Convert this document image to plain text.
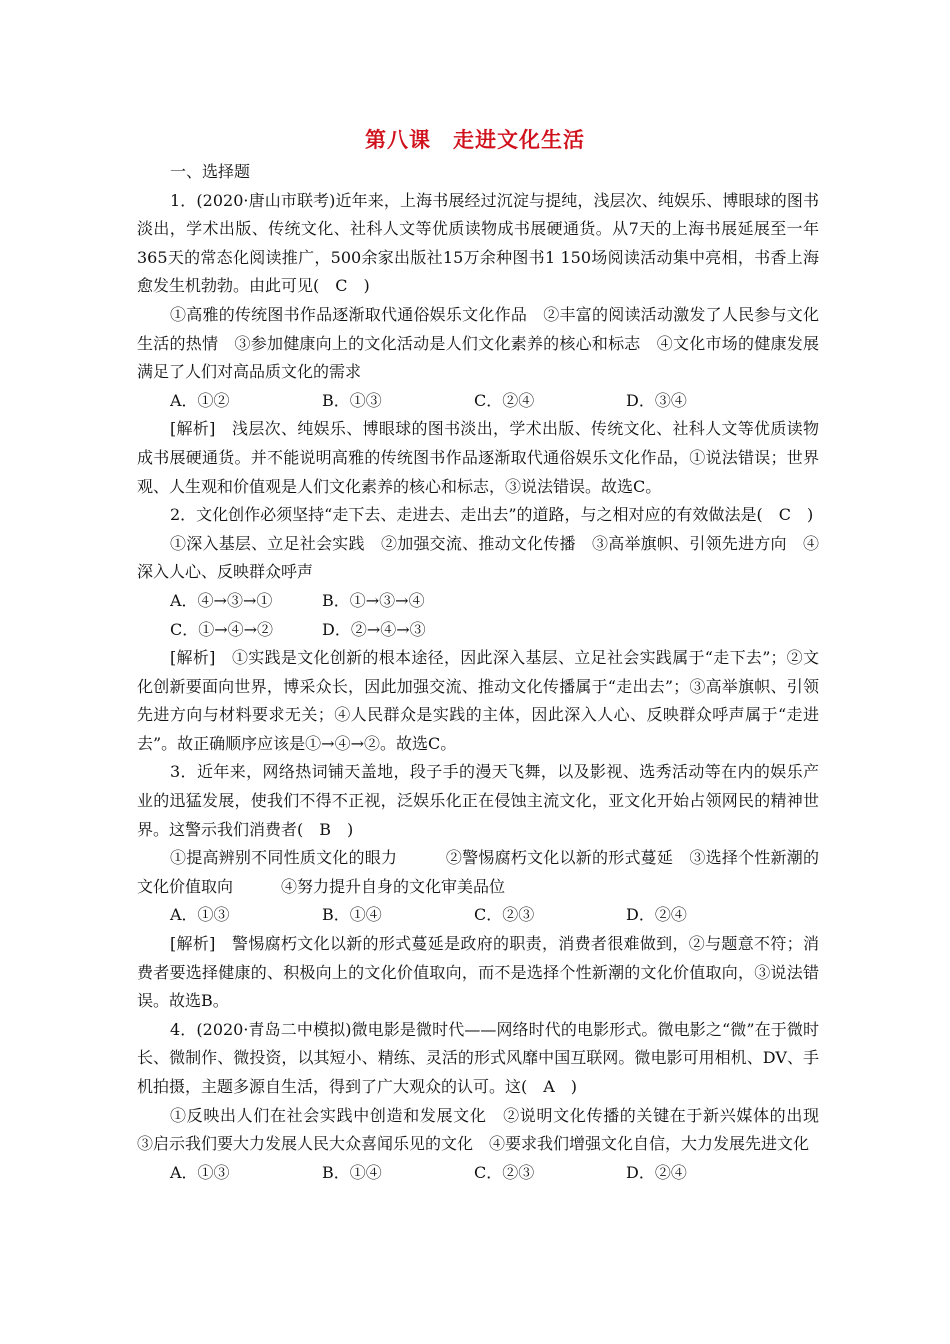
第八课　走进文化生活

一、选择题

1．(2020·唐山市联考)近年来，上海书展经过沉淀与提纯，浅层次、纯娱乐、博眼球的图书淡出，学术出版、传统文化、社科人文等优质读物成书展硬通货。从7天的上海书展延展至一年365天的常态化阅读推广，500余家出版社15万余种图书1 150场阅读活动集中亮相，书香上海愈发生机勃勃。由此可见(　C　)

①高雅的传统图书作品逐渐取代通俗娱乐文化作品　②丰富的阅读活动激发了人民参与文化生活的热情　③参加健康向上的文化活动是人们文化素养的核心和标志　④文化市场的健康发展满足了人们对高品质文化的需求

A．①②	B．①③	C．②④	D．③④

[解析]　浅层次、纯娱乐、博眼球的图书淡出，学术出版、传统文化、社科人文等优质读物成书展硬通货。并不能说明高雅的传统图书作品逐渐取代通俗娱乐文化作品，①说法错误；世界观、人生观和价值观是人们文化素养的核心和标志，③说法错误。故选C。

2．文化创作必须坚持“走下去、走进去、走出去”的道路，与之相对应的有效做法是(　C　)

①深入基层、立足社会实践　②加强交流、推动文化传播　③高举旗帜、引领先进方向　④深入人心、反映群众呼声

A．④→③→①	B．①→③→④
C．①→④→②	D．②→④→③

[解析]　①实践是文化创新的根本途径，因此深入基层、立足社会实践属于“走下去”；②文化创新要面向世界，博采众长，因此加强交流、推动文化传播属于“走出去”；③高举旗帜、引领先进方向与材料要求无关；④人民群众是实践的主体，因此深入人心、反映群众呼声属于“走进去”。故正确顺序应该是①→④→②。故选C。

3．近年来，网络热词铺天盖地，段子手的漫天飞舞，以及影视、选秀活动等在内的娱乐产业的迅猛发展，使我们不得不正视，泛娱乐化正在侵蚀主流文化，亚文化开始占领网民的精神世界。这警示我们消费者(　B　)

①提高辨别不同性质文化的眼力　　　②警惕腐朽文化以新的形式蔓延　③选择个性新潮的文化价值取向　　　④努力提升自身的文化审美品位

A．①③	B．①④	C．②③	D．②④

[解析]　警惕腐朽文化以新的形式蔓延是政府的职责，消费者很难做到，②与题意不符；消费者要选择健康的、积极向上的文化价值取向，而不是选择个性新潮的文化价值取向，③说法错误。故选B。

4．(2020·青岛二中模拟)微电影是微时代——网络时代的电影形式。微电影之“微”在于微时长、微制作、微投资，以其短小、精练、灵活的形式风靡中国互联网。微电影可用相机、DV、手机拍摄，主题多源自生活，得到了广大观众的认可。这(　A　)

①反映出人们在社会实践中创造和发展文化　②说明文化传播的关键在于新兴媒体的出现　③启示我们要大力发展人民大众喜闻乐见的文化　④要求我们增强文化自信，大力发展先进文化

A．①③	B．①④	C．②③	D．②④
